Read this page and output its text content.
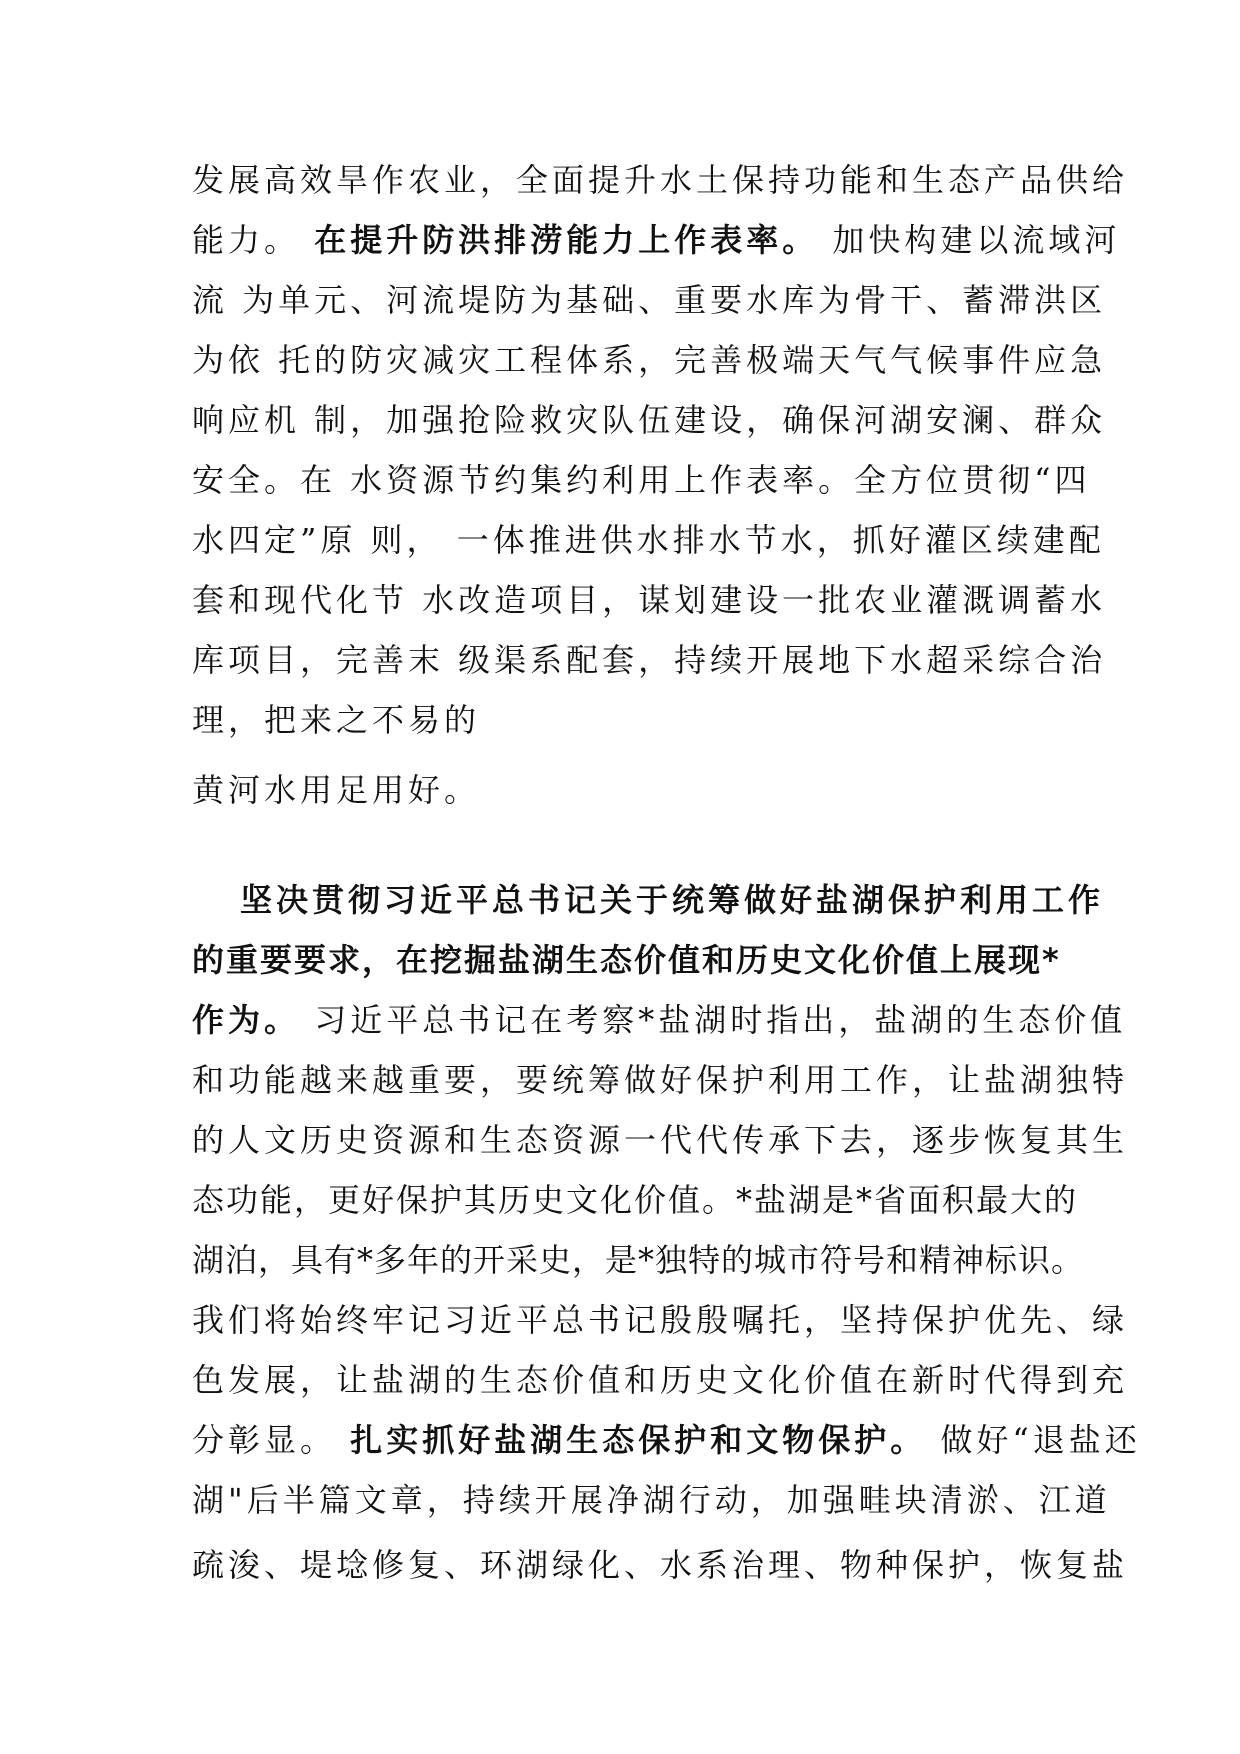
发展高效旱作农业，全面提升水土保持功能和生态产品供给
能力。 在提升防洪排涝能力上作表率。 加快构建以流域河
流 为单元、河流堤防为基础、重要水库为骨干、蓄滞洪区
为依 托的防灾减灾工程体系，完善极端天气气候事件应急
响应机 制，加强抢险救灾队伍建设，确保河湖安澜、群众
安全。在 水资源节约集约利用上作表率。全方位贯彻“四
水四定”原 则， 一体推进供水排水节水，抓好灌区续建配
套和现代化节 水改造项目，谋划建设一批农业灌溉调蓄水
库项目，完善末 级渠系配套，持续开展地下水超采综合治
理，把来之不易的
黄河水用足用好。
坚决贯彻习近平总书记关于统筹做好盐湖保护利用工作
的重要要求，在挖掘盐湖生态价值和历史文化价值上展现*
作为。 习近平总书记在考察*盐湖时指出，盐湖的生态价值
和功能越来越重要，要统筹做好保护利用工作，让盐湖独特
的人文历史资源和生态资源一代代传承下去，逐步恢复其生
态功能，更好保护其历史文化价值。*盐湖是*省面积最大的
湖泊，具有*多年的开采史，是*独特的城市符号和精神标识。
我们将始终牢记习近平总书记殷殷嘱托，坚持保护优先、绿
色发展，让盐湖的生态价值和历史文化价值在新时代得到充
分彰显。 扎实抓好盐湖生态保护和文物保护。 做好“退盐还
湖"后半篇文章，持续开展净湖行动，加强畦块清淤、江道
疏浚、堤埝修复、环湖绿化、水系治理、物种保护，恢复盐
